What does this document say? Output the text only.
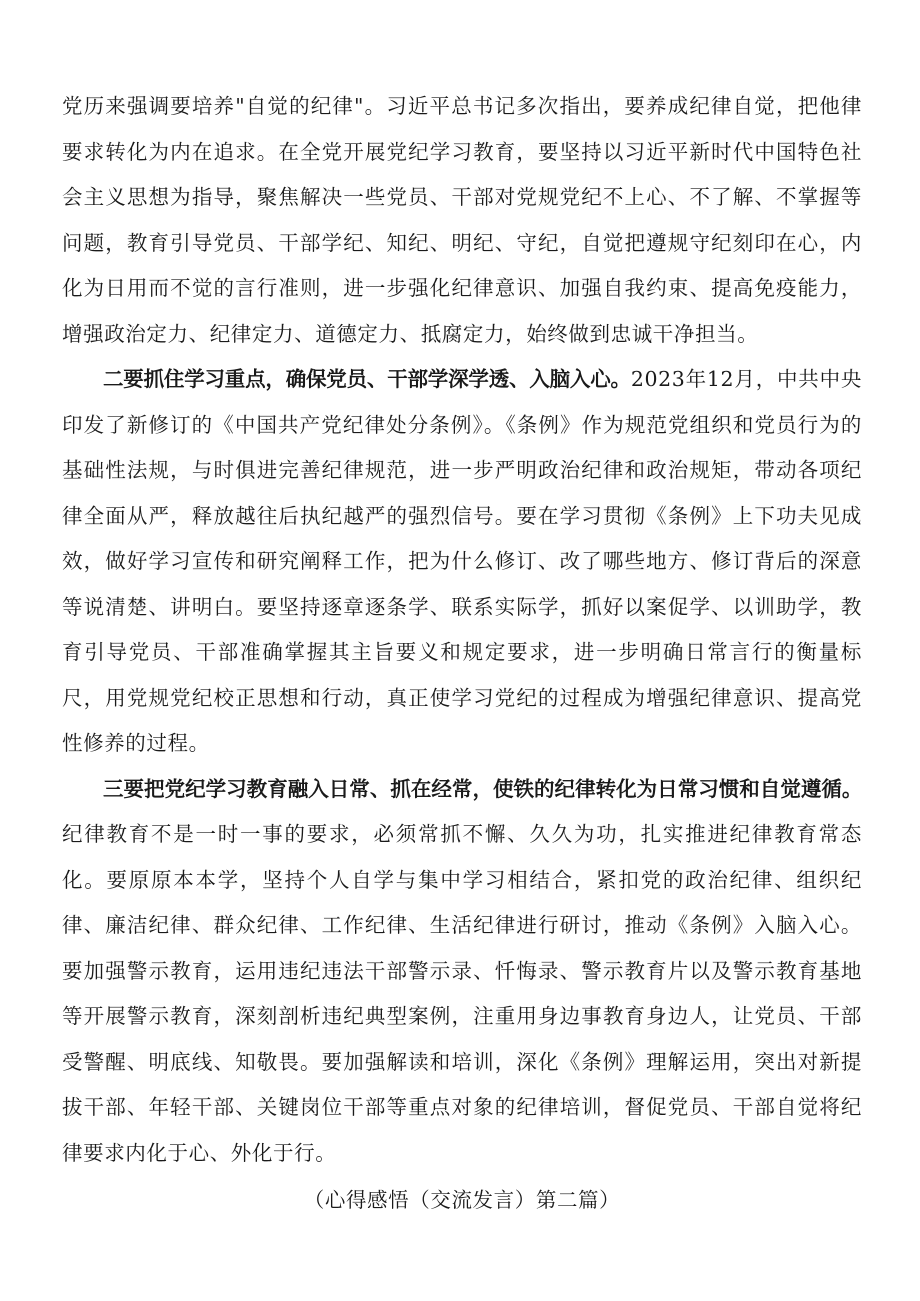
党历来强调要培养"自觉的纪律"。习近平总书记多次指出，要养成纪律自觉，把他律要求转化为内在追求。在全党开展党纪学习教育，要坚持以习近平新时代中国特色社会主义思想为指导，聚焦解决一些党员、干部对党规党纪不上心、不了解、不掌握等问题，教育引导党员、干部学纪、知纪、明纪、守纪，自觉把遵规守纪刻印在心，内化为日用而不觉的言行准则，进一步强化纪律意识、加强自我约束、提高免疫能力，增强政治定力、纪律定力、道德定力、抵腐定力，始终做到忠诚干净担当。

二要抓住学习重点，确保党员、干部学深学透、入脑入心。2023年12月，中共中央印发了新修订的《中国共产党纪律处分条例》。《条例》作为规范党组织和党员行为的基础性法规，与时俱进完善纪律规范，进一步严明政治纪律和政治规矩，带动各项纪律全面从严，释放越往后执纪越严的强烈信号。要在学习贯彻《条例》上下功夫见成效，做好学习宣传和研究阐释工作，把为什么修订、改了哪些地方、修订背后的深意等说清楚、讲明白。要坚持逐章逐条学、联系实际学，抓好以案促学、以训助学，教育引导党员、干部准确掌握其主旨要义和规定要求，进一步明确日常言行的衡量标尺，用党规党纪校正思想和行动，真正使学习党纪的过程成为增强纪律意识、提高党性修养的过程。

三要把党纪学习教育融入日常、抓在经常，使铁的纪律转化为日常习惯和自觉遵循。纪律教育不是一时一事的要求，必须常抓不懈、久久为功，扎实推进纪律教育常态化。要原原本本学，坚持个人自学与集中学习相结合，紧扣党的政治纪律、组织纪律、廉洁纪律、群众纪律、工作纪律、生活纪律进行研讨，推动《条例》入脑入心。要加强警示教育，运用违纪违法干部警示录、忏悔录、警示教育片以及警示教育基地等开展警示教育，深刻剖析违纪典型案例，注重用身边事教育身边人，让党员、干部受警醒、明底线、知敬畏。要加强解读和培训，深化《条例》理解运用，突出对新提拔干部、年轻干部、关键岗位干部等重点对象的纪律培训，督促党员、干部自觉将纪律要求内化于心、外化于行。

（心得感悟（交流发言）第二篇）
